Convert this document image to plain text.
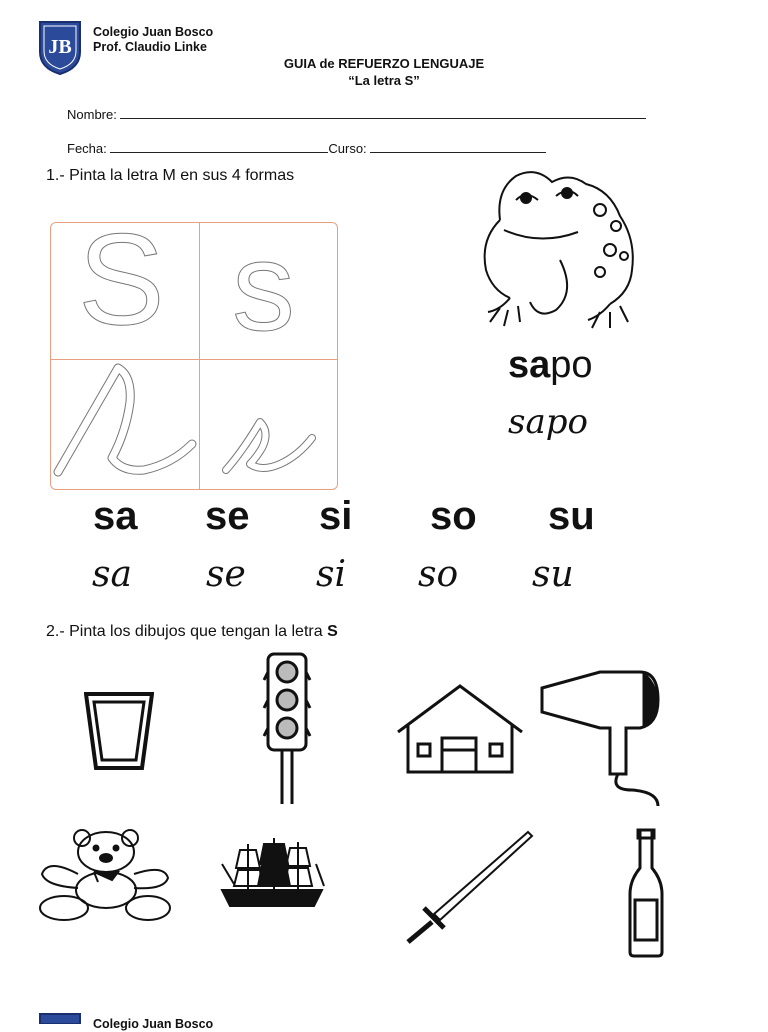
JB
Colegio Juan Bosco
Prof. Claudio Linke
GUIA de REFUERZO LENGUAJE
“La letra S”
Nombre:
Fecha:	Curso:
1.- Pinta la letra M en sus 4 formas
S s
sapo
sapo
sa se si so su
sa se si so su
2.- Pinta los dibujos que tengan la letra S
Colegio Juan Bosco
